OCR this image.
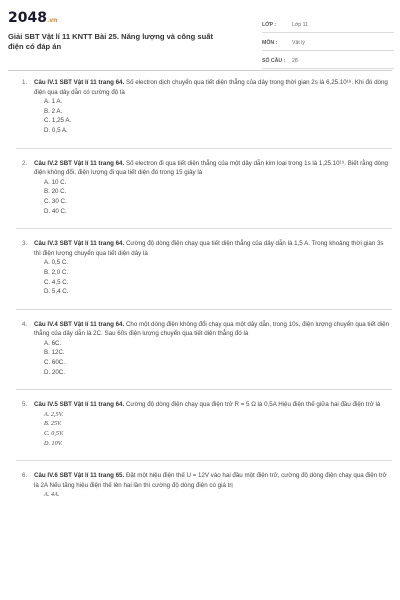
2048.vn
Giải SBT Vật lí 11 KNTT Bài 25. Năng lượng và công suất điện có đáp án
LỚP :	Lớp 11
MÔN :	Vật lý
SỐ CÂU : 28
1. Câu IV.1 SBT Vật lí 11 trang 64. Số electron dịch chuyển qua tiết diện thẳng của dây trong thời gian 2s là 6,25.10¹⁸. Khi đó dòng điện qua dây dẫn có cường độ là
A. 1 A.
B. 2 A.
C. 1,25 A.
D. 0,5 A.
2. Câu IV.2 SBT Vật lí 11 trang 64. Số electron đi qua tiết diện thẳng của một dây dẫn kim loại trong 1s là 1,25.10¹⁹. Biết rằng dòng điện không đổi, điện lượng đi qua tiết diện đó trong 15 giây là
A. 10 C.
B. 20 C.
C. 30 C.
D. 40 C.
3. Câu IV.3 SBT Vật lí 11 trang 64. Cường độ dòng điện chạy qua tiết diện thẳng của dây dẫn là 1,5 A. Trong khoảng thời gian 3s thì điện lượng chuyển qua tiết diện dây là
A. 0,5 C.
B. 2,0 C.
C. 4,5 C.
D. 5,4 C.
4. Câu IV.4 SBT Vật lí 11 trang 64. Cho một dòng điện không đổi chạy qua một dây dẫn, trong 10s, điện lượng chuyển qua tiết diện thẳng của dây dẫn là 2C. Sau 60s điện lượng chuyển qua tiết diện thẳng đó là
A. 6C.
B. 12C.
C. 60C.
D. 20C.
5. Câu IV.5 SBT Vật lí 11 trang 64. Cường độ dòng điện chạy qua điện trở R = 5 Ω là 0,5A Hiệu điện thế giữa hai đầu điện trở là
A. 2,5V.
B. 25V.
C. 0,5V.
D. 10V.
6. Câu IV.6 SBT Vật lí 11 trang 65. Đặt một hiệu điện thế U = 12V vào hai đầu một điện trở, cường độ dòng điện chạy qua điện trở là 2A Nếu tăng hiệu điện thế lên hai lần thì cường độ dòng điện có giá trị
A. 4A.
